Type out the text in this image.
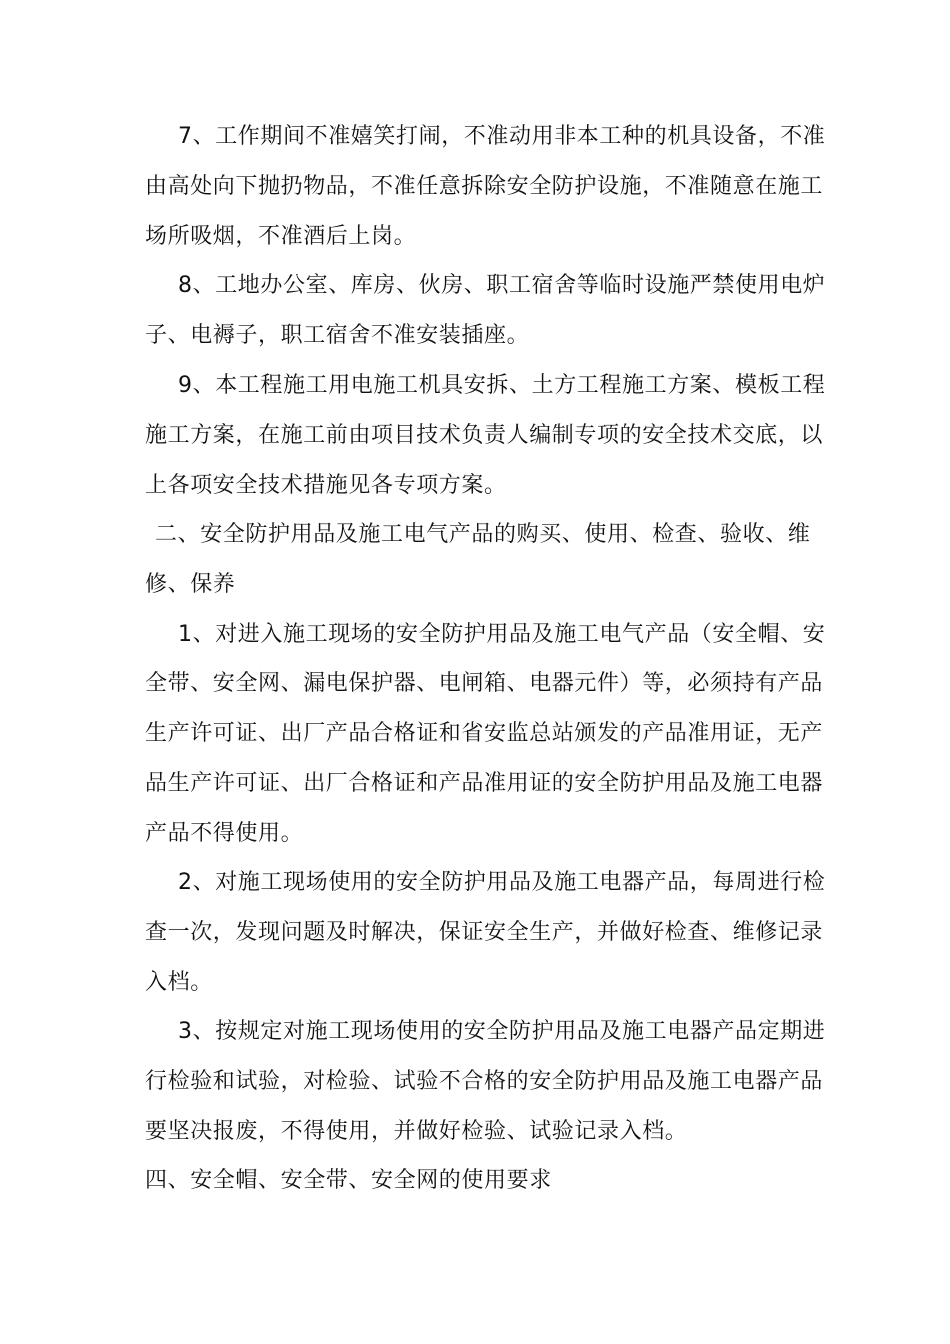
7、工作期间不准嬉笑打闹，不准动用非本工种的机具设备，不准
由高处向下抛扔物品，不准任意拆除安全防护设施，不准随意在施工
场所吸烟，不准酒后上岗。
8、工地办公室、库房、伙房、职工宿舍等临时设施严禁使用电炉
子、电褥子，职工宿舍不准安装插座。
9、本工程施工用电施工机具安拆、土方工程施工方案、模板工程
施工方案，在施工前由项目技术负责人编制专项的安全技术交底，以
上各项安全技术措施见各专项方案。
二、安全防护用品及施工电气产品的购买、使用、检查、验收、维
修、保养
1、对进入施工现场的安全防护用品及施工电气产品（安全帽、安
全带、安全网、漏电保护器、电闸箱、电器元件）等，必须持有产品
生产许可证、出厂产品合格证和省安监总站颁发的产品准用证，无产
品生产许可证、出厂合格证和产品准用证的安全防护用品及施工电器
产品不得使用。
2、对施工现场使用的安全防护用品及施工电器产品，每周进行检
查一次，发现问题及时解决，保证安全生产，并做好检查、维修记录
入档。
3、按规定对施工现场使用的安全防护用品及施工电器产品定期进
行检验和试验，对检验、试验不合格的安全防护用品及施工电器产品
要坚决报废，不得使用，并做好检验、试验记录入档。
四、安全帽、安全带、安全网的使用要求
